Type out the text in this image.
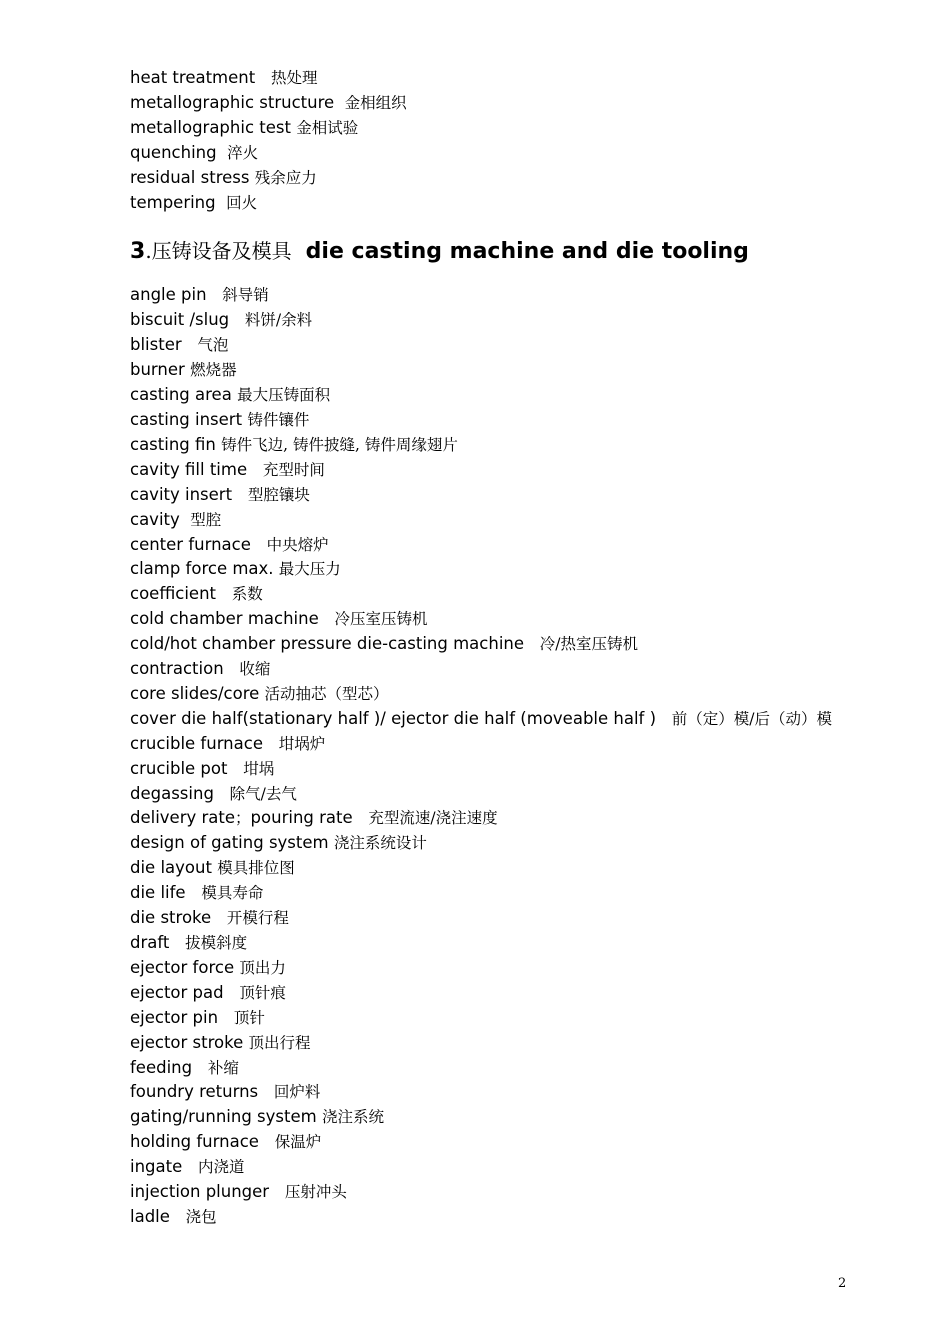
heat treatment 热处理
metallographic structure 金相组织
metallographic test 金相试验
quenching 淬火
residual stress 残余应力
tempering 回火
3.压铸设备及模具 die casting machine and die tooling
angle pin 斜导销
biscuit /slug 料饼/余料
blister 气泡
burner 燃烧器
casting area 最大压铸面积
casting insert 铸件镶件
casting fin 铸件飞边, 铸件披缝, 铸件周缘翅片
cavity fill time 充型时间
cavity insert 型腔镶块
cavity 型腔
center furnace 中央熔炉
clamp force max. 最大压力
coefficient 系数
cold chamber machine 冷压室压铸机
cold/hot chamber pressure die-casting machine 冷/热室压铸机
contraction 收缩
core slides/core 活动抽芯（型芯）
cover die half(stationary half )/ ejector die half (moveable half ) 前（定）模/后（动）模
crucible furnace 坩埚炉
crucible pot 坩埚
degassing 除气/去气
delivery rate；pouring rate 充型流速/浇注速度
design of gating system 浇注系统设计
die layout 模具排位图
die life 模具寿命
die stroke 开模行程
draft 拔模斜度
ejector force 顶出力
ejector pad 顶针痕
ejector pin 顶针
ejector stroke 顶出行程
feeding 补缩
foundry returns 回炉料
gating/running system 浇注系统
holding furnace 保温炉
ingate 内浇道
injection plunger 压射冲头
ladle 浇包
2
